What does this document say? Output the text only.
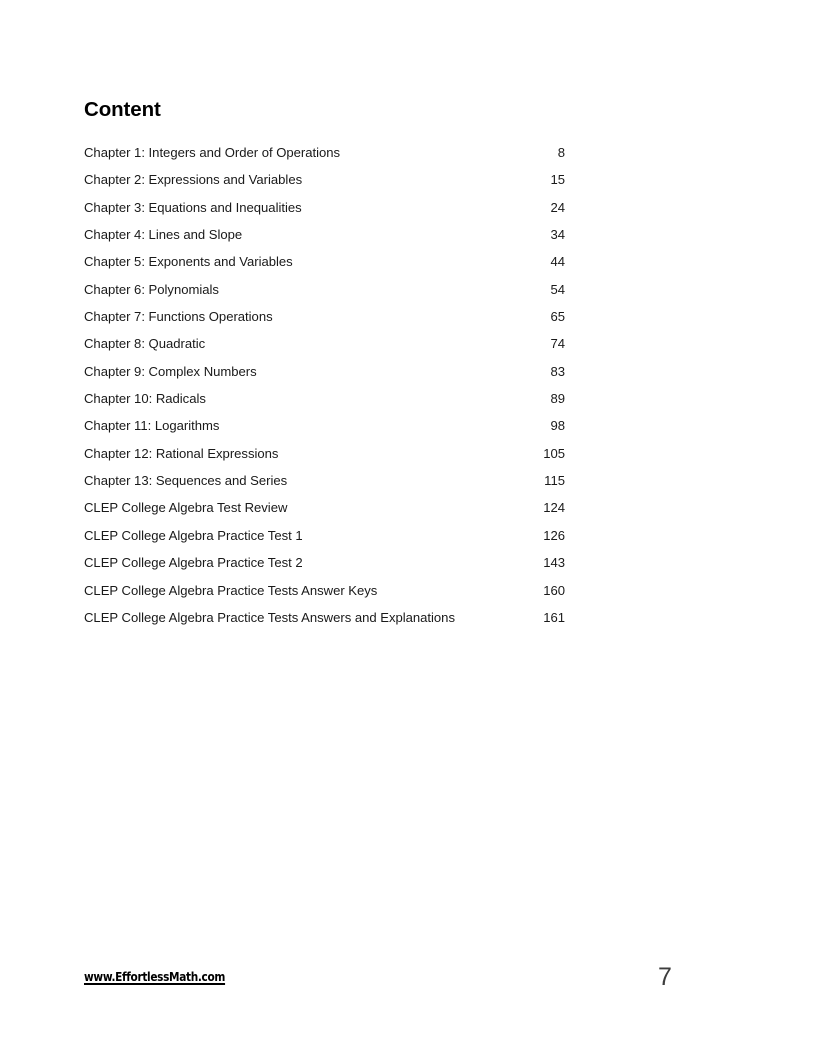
Content
Chapter 1: Integers and Order of Operations .....	8
Chapter 2: Expressions and Variables .....	15
Chapter 3: Equations and Inequalities .....	24
Chapter 4: Lines and Slope .....	34
Chapter 5: Exponents and Variables .....	44
Chapter 6: Polynomials .....	54
Chapter 7: Functions Operations .....	65
Chapter 8: Quadratic .....	74
Chapter 9: Complex Numbers .....	83
Chapter 10: Radicals .....	89
Chapter 11: Logarithms .....	98
Chapter 12: Rational Expressions .....	105
Chapter 13: Sequences and Series .....	115
CLEP College Algebra Test Review .....	124
CLEP College Algebra Practice Test 1 .....	126
CLEP College Algebra Practice Test 2 .....	143
CLEP College Algebra Practice Tests Answer Keys .....	160
CLEP College Algebra Practice Tests Answers and Explanations .....	161
www.EffortlessMath.com	7
